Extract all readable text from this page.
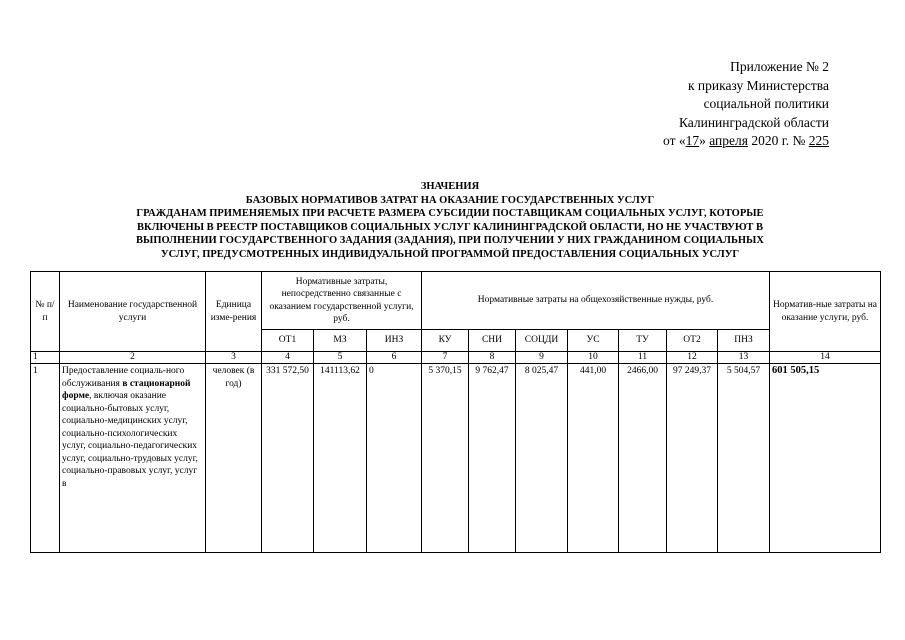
Приложение № 2
к приказу Министерства
социальной политики
Калининградской области
от «17» апреля 2020 г. № 225
ЗНАЧЕНИЯ
БАЗОВЫХ НОРМАТИВОВ ЗАТРАТ НА ОКАЗАНИЕ ГОСУДАРСТВЕННЫХ УСЛУГ
ГРАЖДАНАМ ПРИМЕНЯЕМЫХ ПРИ РАСЧЕТЕ РАЗМЕРА СУБСИДИИ ПОСТАВЩИКАМ СОЦИАЛЬНЫХ УСЛУГ, КОТОРЫЕ
ВКЛЮЧЕНЫ В РЕЕСТР ПОСТАВЩИКОВ СОЦИАЛЬНЫХ УСЛУГ КАЛИНИНГРАДСКОЙ ОБЛАСТИ, НО НЕ УЧАСТВУЮТ В
ВЫПОЛНЕНИИ ГОСУДАРСТВЕННОГО ЗАДАНИЯ (ЗАДАНИЯ), ПРИ ПОЛУЧЕНИИ У НИХ ГРАЖДАНИНОМ СОЦИАЛЬНЫХ
УСЛУГ, ПРЕДУСМОТРЕННЫХ ИНДИВИДУАЛЬНОЙ ПРОГРАММОЙ ПРЕДОСТАВЛЕНИЯ СОЦИАЛЬНЫХ УСЛУГ
№ п/п	Наименование государственной услуги	Единица изме-рения	Нормативные затраты, непосредственно связанные с оказанием государственной услуги, руб.			Нормативные затраты на общехозяйственные нужды, руб.							Норматив-ные затраты на оказание услуги, руб.
			ОТ1	МЗ	ИНЗ	КУ	СНИ	СОЦДИ	УС	ТУ	ОТ2	ПНЗ	
1	2	3	4	5	6	7	8	9	10	11	12	13	14
1	Предоставление социаль-ного обслуживания в стационарной форме, включая оказание социально-бытовых услуг, социально-медицинских услуг, социально-психологических услуг, социально-педагогических услуг, социально-трудовых услуг, социально-правовых услуг, услуг в	человек (в год)	331 572,50	141113,62	0	5 370,15	9 762,47	8 025,47	441,00	2466,00	97 249,37	5 504,57	601 505,15
